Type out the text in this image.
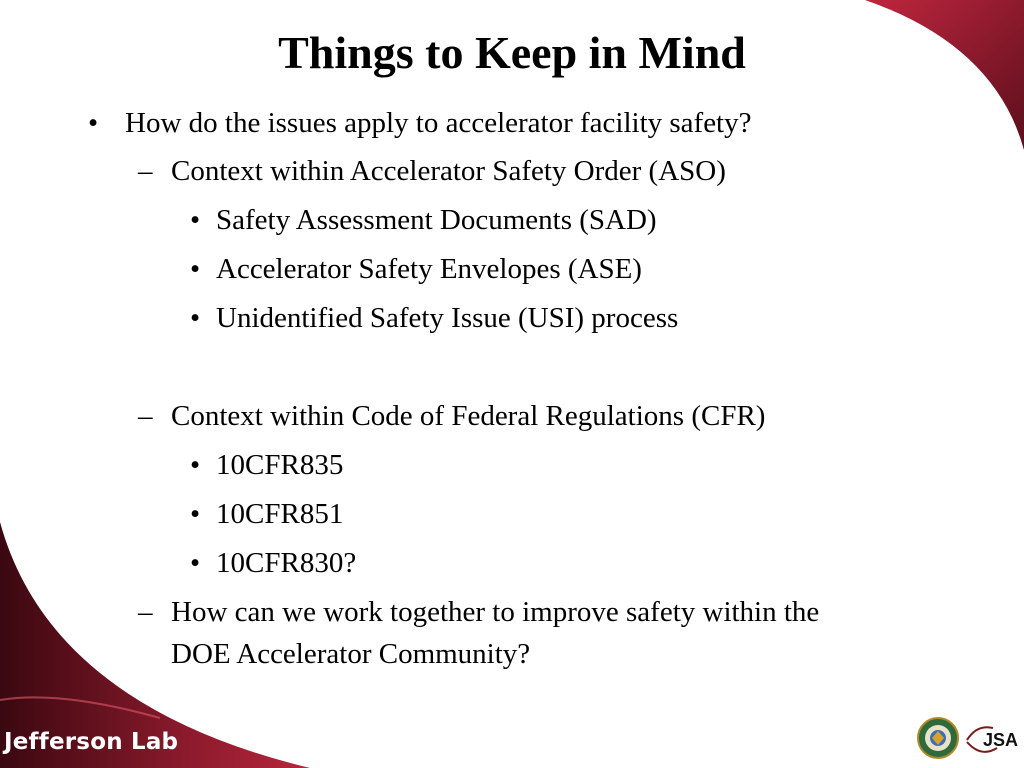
Things to Keep in Mind
• How do the issues apply to accelerator facility safety?
– Context within Accelerator Safety Order (ASO)
• Safety Assessment Documents (SAD)
• Accelerator Safety Envelopes (ASE)
• Unidentified Safety Issue (USI) process
– Context within Code of Federal Regulations (CFR)
• 10CFR835
• 10CFR851
• 10CFR830?
– How can we work together to improve safety within the
DOE Accelerator Community?
Jefferson Lab	JSA
